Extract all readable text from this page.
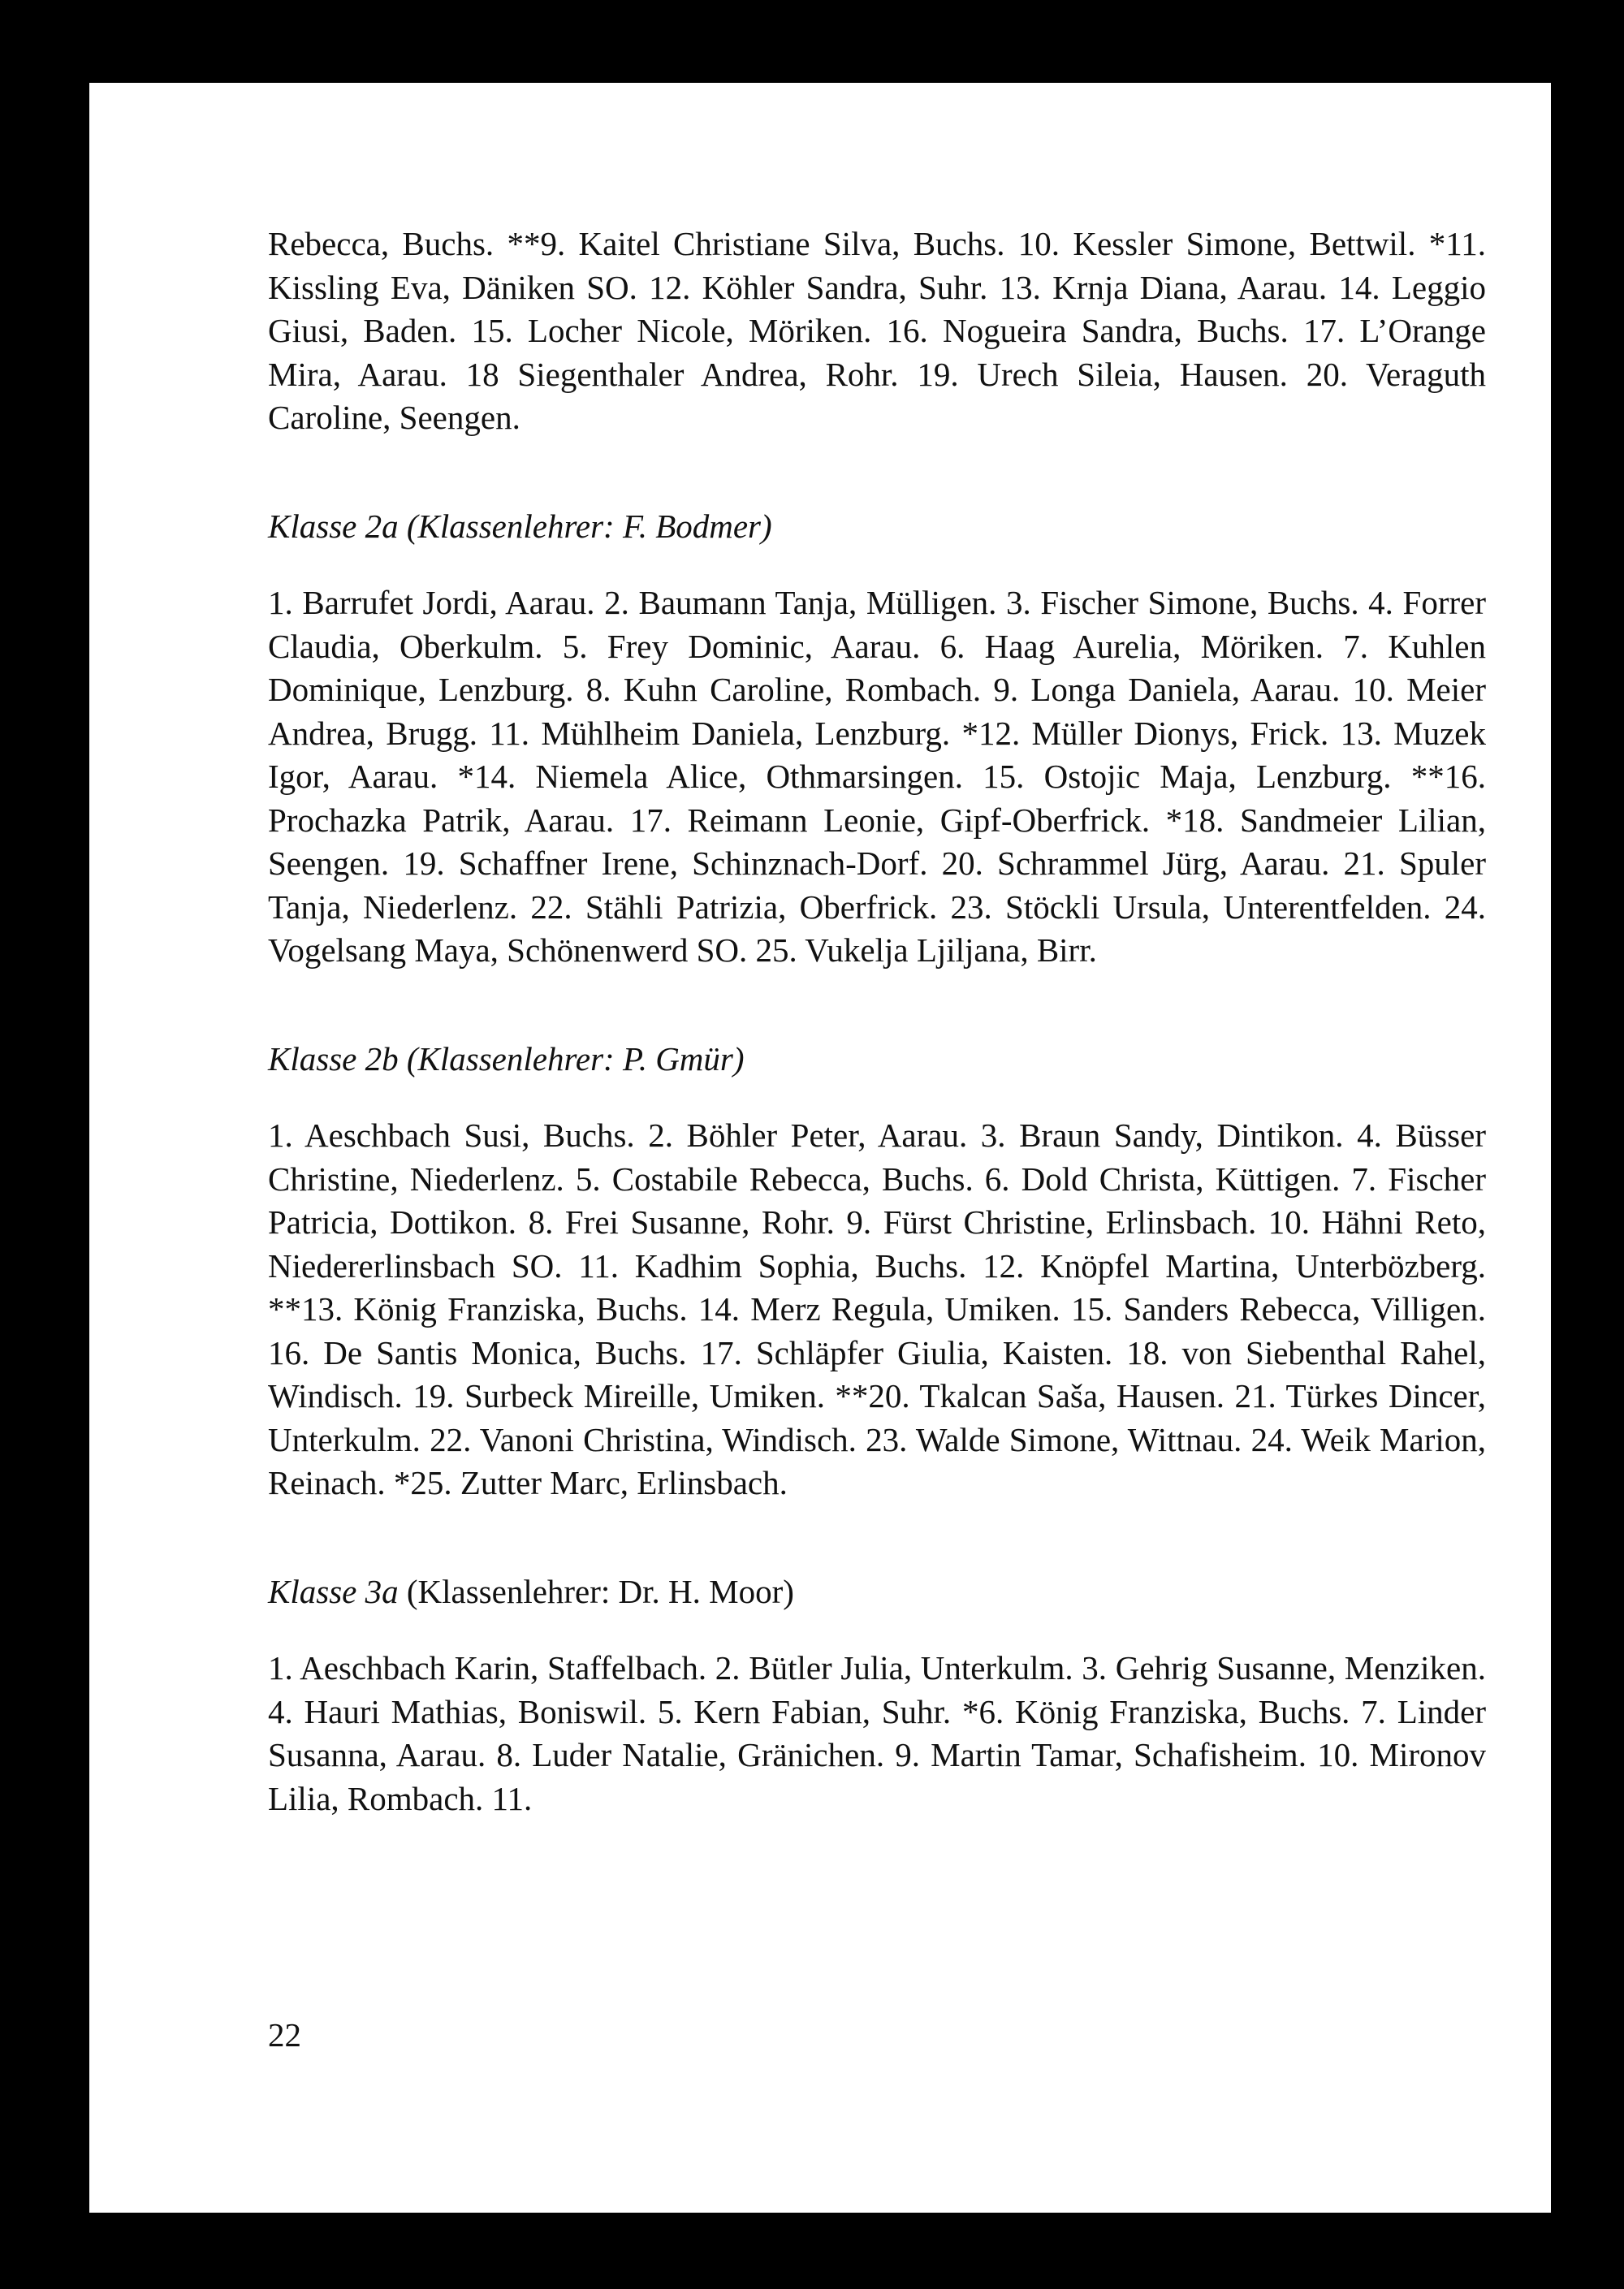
Rebecca, Buchs. **9. Kaitel Christiane Silva, Buchs. 10. Kessler Simone, Bettwil. *11. Kissling Eva, Däniken SO. 12. Köhler Sandra, Suhr. 13. Krnja Diana, Aarau. 14. Leggio Giusi, Baden. 15. Locher Nicole, Möriken. 16. Nogueira Sandra, Buchs. 17. L’Orange Mira, Aarau. 18 Siegenthaler Andrea, Rohr. 19. Urech Sileia, Hausen. 20. Veraguth Caroline, Seengen.

Klasse 2a (Klassenlehrer: F. Bodmer)

1. Barrufet Jordi, Aarau. 2. Baumann Tanja, Mülligen. 3. Fischer Simone, Buchs. 4. Forrer Claudia, Oberkulm. 5. Frey Dominic, Aarau. 6. Haag Aurelia, Möriken. 7. Kuhlen Dominique, Lenzburg. 8. Kuhn Caroline, Rombach. 9. Longa Daniela, Aarau. 10. Meier Andrea, Brugg. 11. Mühlheim Daniela, Lenzburg. *12. Müller Dionys, Frick. 13. Muzek Igor, Aarau. *14. Niemela Alice, Othmarsingen. 15. Ostojic Maja, Lenzburg. **16. Prochazka Patrik, Aarau. 17. Reimann Leonie, Gipf-Oberfrick. *18. Sandmeier Lilian, Seengen. 19. Schaffner Irene, Schinznach-Dorf. 20. Schrammel Jürg, Aarau. 21. Spuler Tanja, Niederlenz. 22. Stähli Patrizia, Oberfrick. 23. Stöckli Ursula, Unterentfelden. 24. Vogelsang Maya, Schönenwerd SO. 25. Vukelja Ljiljana, Birr.

Klasse 2b (Klassenlehrer: P. Gmür)

1. Aeschbach Susi, Buchs. 2. Böhler Peter, Aarau. 3. Braun Sandy, Dintikon. 4. Büsser Christine, Niederlenz. 5. Costabile Rebecca, Buchs. 6. Dold Christa, Küttigen. 7. Fischer Patricia, Dottikon. 8. Frei Susanne, Rohr. 9. Fürst Christine, Erlinsbach. 10. Hähni Reto, Niedererlinsbach SO. 11. Kadhim Sophia, Buchs. 12. Knöpfel Martina, Unterbözberg. **13. König Franziska, Buchs. 14. Merz Regula, Umiken. 15. Sanders Rebecca, Villigen. 16. De Santis Monica, Buchs. 17. Schläpfer Giulia, Kaisten. 18. von Siebenthal Rahel, Windisch. 19. Surbeck Mireille, Umiken. **20. Tkalcan Saša, Hausen. 21. Türkes Dincer, Unterkulm. 22. Vanoni Christina, Windisch. 23. Walde Simone, Wittnau. 24. Weik Marion, Reinach. *25. Zutter Marc, Erlinsbach.

Klasse 3a (Klassenlehrer: Dr. H. Moor)

1. Aeschbach Karin, Staffelbach. 2. Bütler Julia, Unterkulm. 3. Gehrig Susanne, Menziken. 4. Hauri Mathias, Boniswil. 5. Kern Fabian, Suhr. *6. König Franziska, Buchs. 7. Linder Susanna, Aarau. 8. Luder Natalie, Gränichen. 9. Martin Tamar, Schafisheim. 10. Mironov Lilia, Rombach. 11.

22
